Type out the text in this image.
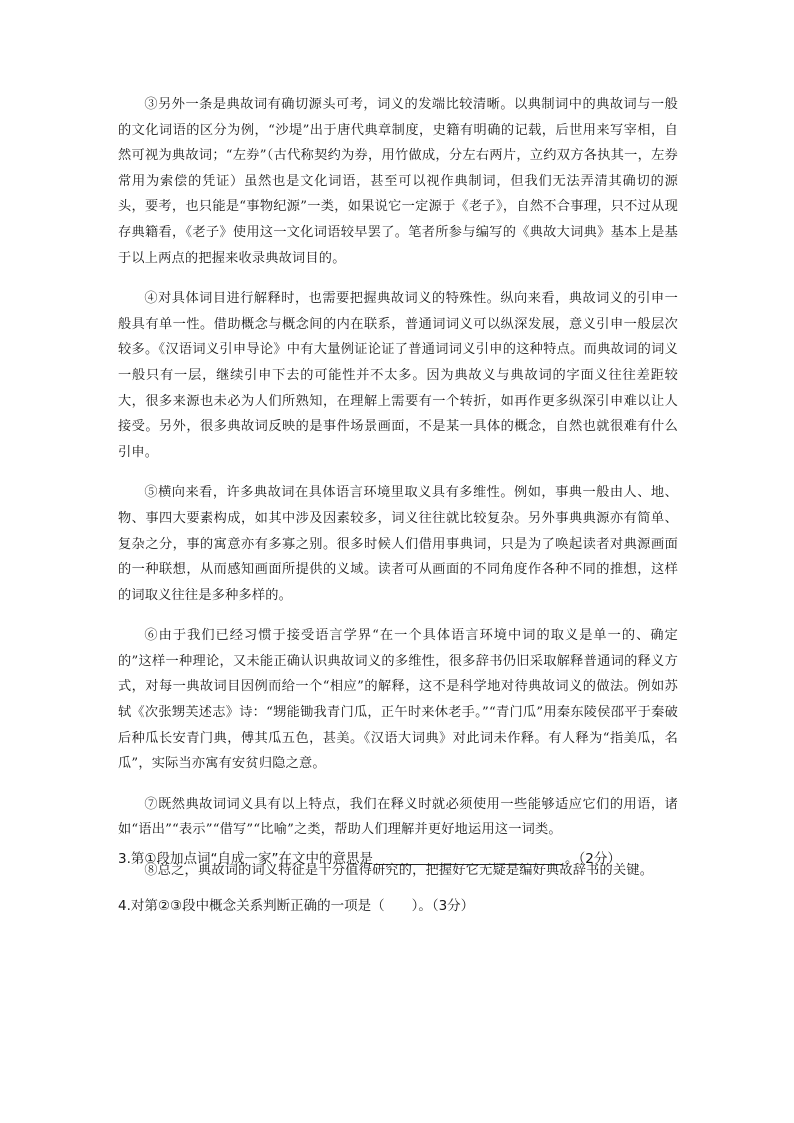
③另外一条是典故词有确切源头可考，词义的发端比较清晰。以典制词中的典故词与一般的文化词语的区分为例，“沙堤”出于唐代典章制度，史籍有明确的记载，后世用来写宰相，自然可视为典故词；“左券”（古代称契约为券，用竹做成，分左右两片，立约双方各执其一，左券常用为索偿的凭证）虽然也是文化词语，甚至可以视作典制词，但我们无法弄清其确切的源头，要考，也只能是“事物纪源”一类，如果说它一定源于《老子》，自然不合事理，只不过从现存典籍看，《老子》使用这一文化词语较早罢了。笔者所参与编写的《典故大词典》基本上是基于以上两点的把握来收录典故词目的。

④对具体词目进行解释时，也需要把握典故词义的特殊性。纵向来看，典故词义的引申一般具有单一性。借助概念与概念间的内在联系，普通词词义可以纵深发展，意义引申一般层次较多。《汉语词义引申导论》中有大量例证论证了普通词词义引申的这种特点。而典故词的词义一般只有一层，继续引申下去的可能性并不太多。因为典故义与典故词的字面义往往差距较大，很多来源也未必为人们所熟知，在理解上需要有一个转折，如再作更多纵深引申难以让人接受。另外，很多典故词反映的是事件场景画面，不是某一具体的概念，自然也就很难有什么引申。

⑤横向来看，许多典故词在具体语言环境里取义具有多维性。例如，事典一般由人、地、物、事四大要素构成，如其中涉及因素较多，词义往往就比较复杂。另外事典典源亦有简单、复杂之分，事的寓意亦有多寡之别。很多时候人们借用事典词，只是为了唤起读者对典源画面的一种联想，从而感知画面所提供的义域。读者可从画面的不同角度作各种不同的推想，这样的词取义往往是多种多样的。

⑥由于我们已经习惯于接受语言学界“在一个具体语言环境中词的取义是单一的、确定的”这样一种理论，又未能正确认识典故词义的多维性，很多辞书仍旧采取解释普通词的释义方式，对每一典故词目因例而给一个“相应”的解释，这不是科学地对待典故词义的做法。例如苏轼《次张甥芙述志》诗：“甥能锄我青门瓜，正午时来休老手。”“青门瓜”用秦东陵侯邵平于秦破后种瓜长安青门典，傅其瓜五色，甚美。《汉语大词典》对此词未作释。有人释为“指美瓜，名瓜”，实际当亦寓有安贫归隐之意。

⑦既然典故词词义具有以上特点，我们在释义时就必须使用一些能够适应它们的用语，诸如“语出”“表示”“借写”“比喻”之类，帮助人们理解并更好地运用这一词类。

⑧总之，典故词的词义特征是十分值得研究的，把握好它无疑是编好典故辞书的关键。

3.第①段加点词“自成一家”在文中的意思是	。（2分）
4.对第②③段中概念关系判断正确的一项是（　　）。（3分）
